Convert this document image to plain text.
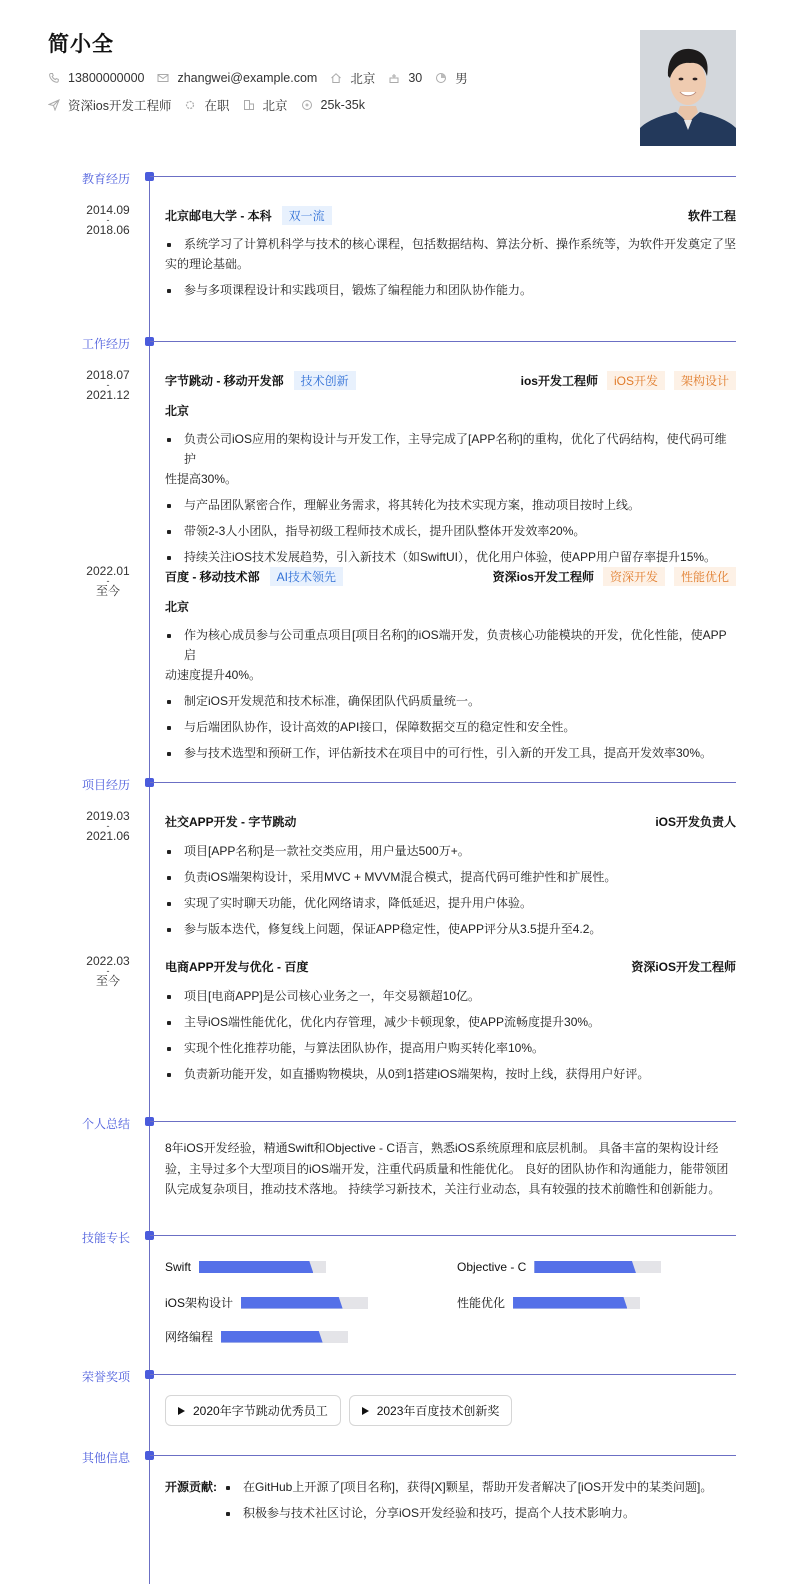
简小全
13800000000	zhangwei@example.com	北京	30	男
资深ios开发工程师	在职	北京	25k-35k
教育经历
2014.09
-
2018.06
北京邮电大学 - 本科	双一流	软件工程
系统学习了计算机科学与技术的核心课程，包括数据结构、算法分析、操作系统等，为软件开发奠定了坚
实的理论基础。
参与多项课程设计和实践项目，锻炼了编程能力和团队协作能力。
工作经历
2018.07
-
2021.12
字节跳动 - 移动开发部	技术创新	ios开发工程师	iOS开发	架构设计
北京
负责公司iOS应用的架构设计与开发工作，主导完成了[APP名称]的重构，优化了代码结构，使代码可维护
性提高30%。
与产品团队紧密合作，理解业务需求，将其转化为技术实现方案，推动项目按时上线。
带领2-3人小团队，指导初级工程师技术成长，提升团队整体开发效率20%。
持续关注iOS技术发展趋势，引入新技术（如SwiftUI），优化用户体验，使APP用户留存率提升15%。
2022.01
-
至今
百度 - 移动技术部	AI技术领先	资深ios开发工程师	资深开发	性能优化
北京
作为核心成员参与公司重点项目[项目名称]的iOS端开发，负责核心功能模块的开发，优化性能，使APP启
动速度提升40%。
制定iOS开发规范和技术标准，确保团队代码质量统一。
与后端团队协作，设计高效的API接口，保障数据交互的稳定性和安全性。
参与技术选型和预研工作，评估新技术在项目中的可行性，引入新的开发工具，提高开发效率30%。
项目经历
2019.03
-
2021.06
社交APP开发 - 字节跳动	iOS开发负责人
项目[APP名称]是一款社交类应用，用户量达500万+。
负责iOS端架构设计，采用MVC + MVVM混合模式，提高代码可维护性和扩展性。
实现了实时聊天功能，优化网络请求，降低延迟，提升用户体验。
参与版本迭代，修复线上问题，保证APP稳定性，使APP评分从3.5提升至4.2。
2022.03
-
至今
电商APP开发与优化 - 百度	资深iOS开发工程师
项目[电商APP]是公司核心业务之一，年交易额超10亿。
主导iOS端性能优化，优化内存管理，减少卡顿现象，使APP流畅度提升30%。
实现个性化推荐功能，与算法团队协作，提高用户购买转化率10%。
负责新功能开发，如直播购物模块，从0到1搭建iOS端架构，按时上线，获得用户好评。
个人总结
8年iOS开发经验，精通Swift和Objective - C语言，熟悉iOS系统原理和底层机制。 具备丰富的架构设计经验，主导过多个大型项目的iOS端开发，注重代码质量和性能优化。 良好的团队协作和沟通能力，能带领团队完成复杂项目，推动技术落地。 持续学习新技术，关注行业动态，具有较强的技术前瞻性和创新能力。
技能专长
Swift	Objective - C
iOS架构设计	性能优化
网络编程
荣誉奖项
2020年字节跳动优秀员工	2023年百度技术创新奖
其他信息
开源贡献:	在GitHub上开源了[项目名称]，获得[X]颗星，帮助开发者解决了[iOS开发中的某类问题]。
积极参与技术社区讨论，分享iOS开发经验和技巧，提高个人技术影响力。
